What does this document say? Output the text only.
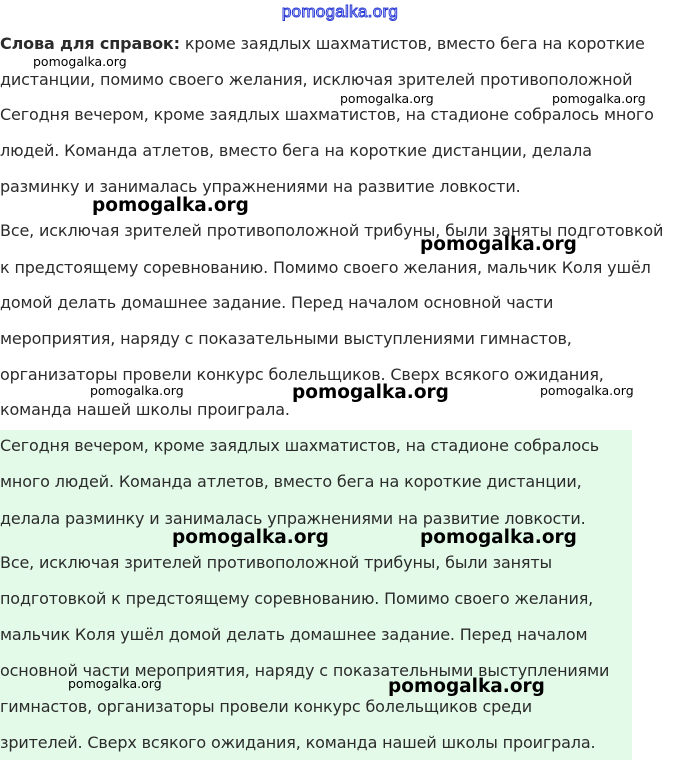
pomogalka.org
Слова для справок: кроме заядлых шахматистов, вместо бега на короткие
дистанции, помимо своего желания, исключая зрителей противоположной
Сегодня вечером, кроме заядлых шахматистов, на стадионе собралось много
людей. Команда атлетов, вместо бега на короткие дистанции, делала
разминку и занималась упражнениями на развитие ловкости.
Все, исключая зрителей противоположной трибуны, были заняты подготовкой
к предстоящему соревнованию. Помимо своего желания, мальчик Коля ушёл
домой делать домашнее задание. Перед началом основной части
мероприятия, наряду с показательными выступлениями гимнастов,
организаторы провели конкурс болельщиков. Сверх всякого ожидания,
команда нашей школы проиграла.
Сегодня вечером, кроме заядлых шахматистов, на стадионе собралось
много людей. Команда атлетов, вместо бега на короткие дистанции,
делала разминку и занималась упражнениями на развитие ловкости.
Все, исключая зрителей противоположной трибуны, были заняты
подготовкой к предстоящему соревнованию. Помимо своего желания,
мальчик Коля ушёл домой делать домашнее задание. Перед началом
основной части мероприятия, наряду с показательными выступлениями
гимнастов, организаторы провели конкурс болельщиков среди
зрителей. Сверх всякого ожидания, команда нашей школы проиграла.
pomogalka.org
pomogalka.org	pomogalka.org
pomogalka.org
pomogalka.org
pomogalka.org	pomogalka.org	pomogalka.org
pomogalka.org	pomogalka.org
pomogalka.org	pomogalka.org
